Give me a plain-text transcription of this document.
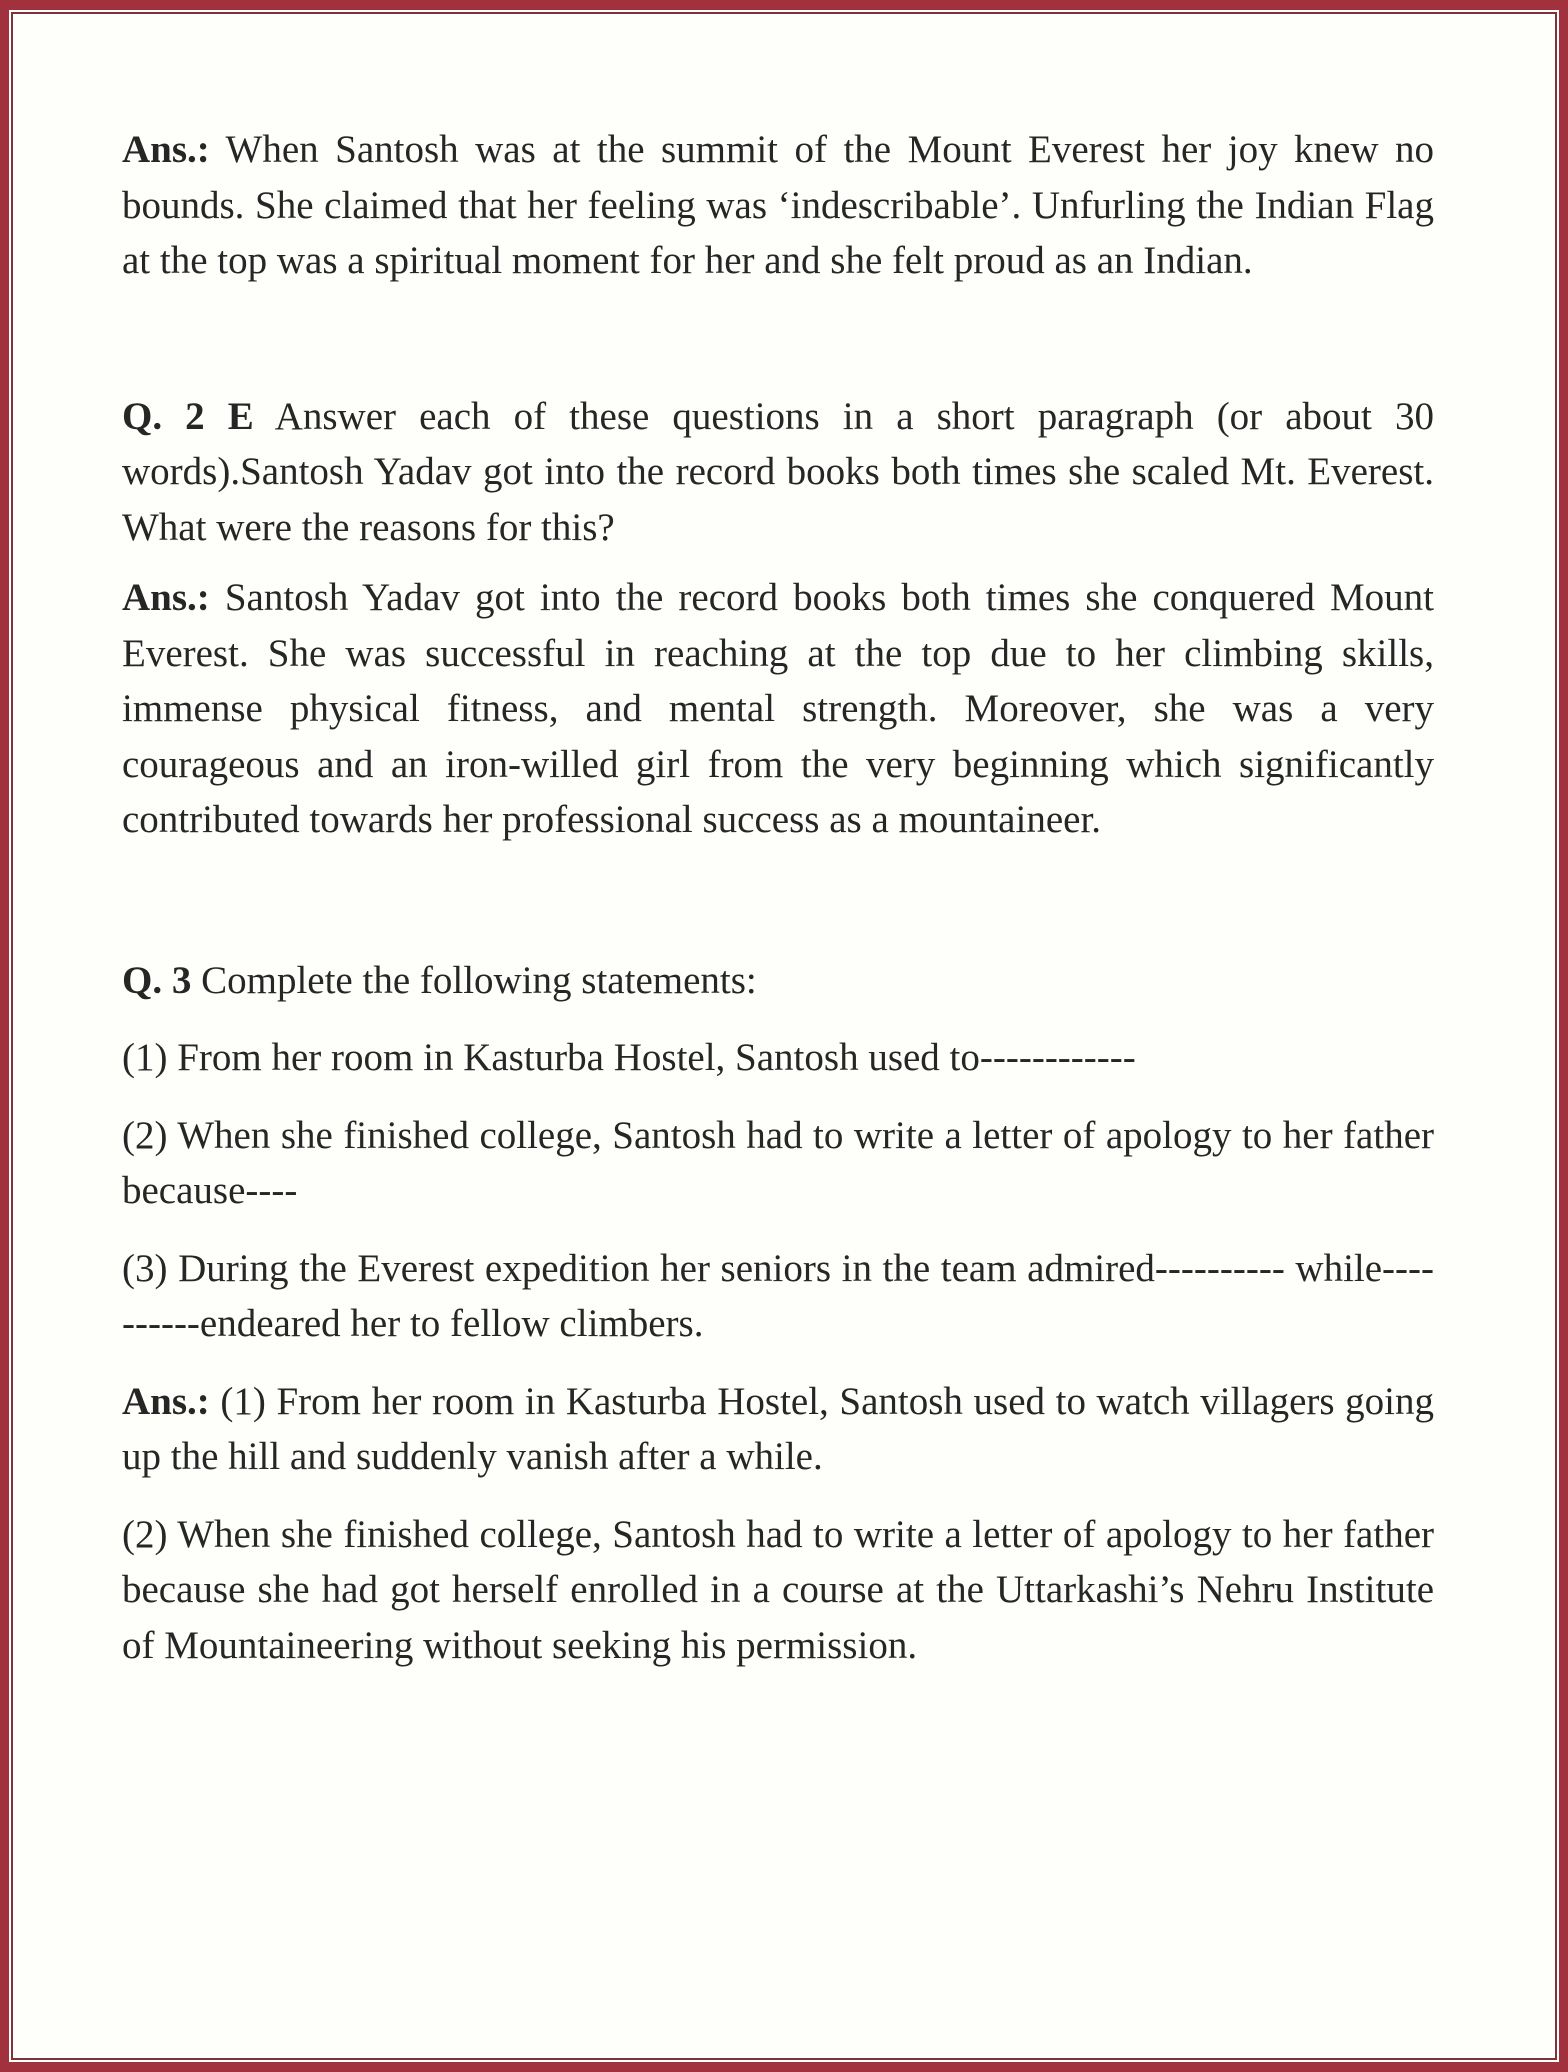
Ans.: When Santosh was at the summit of the Mount Everest her joy knew no bounds. She claimed that her feeling was ‘indescribable’. Unfurling the Indian Flag at the top was a spiritual moment for her and she felt proud as an Indian.

Q. 2 E Answer each of these questions in a short paragraph (or about 30 words).Santosh Yadav got into the record books both times she scaled Mt. Everest. What were the reasons for this?

Ans.: Santosh Yadav got into the record books both times she conquered Mount Everest. She was successful in reaching at the top due to her climbing skills, immense physical fitness, and mental strength. Moreover, she was a very courageous and an iron-willed girl from the very beginning which significantly contributed towards her professional success as a mountaineer.

Q. 3 Complete the following statements:

(1) From her room in Kasturba Hostel, Santosh used to------------

(2) When she finished college, Santosh had to write a letter of apology to her father because----

(3) During the Everest expedition her seniors in the team admired---------- while----------endeared her to fellow climbers.

Ans.: (1) From her room in Kasturba Hostel, Santosh used to watch villagers going up the hill and suddenly vanish after a while.

(2) When she finished college, Santosh had to write a letter of apology to her father because she had got herself enrolled in a course at the Uttarkashi’s Nehru Institute of Mountaineering without seeking his permission.
